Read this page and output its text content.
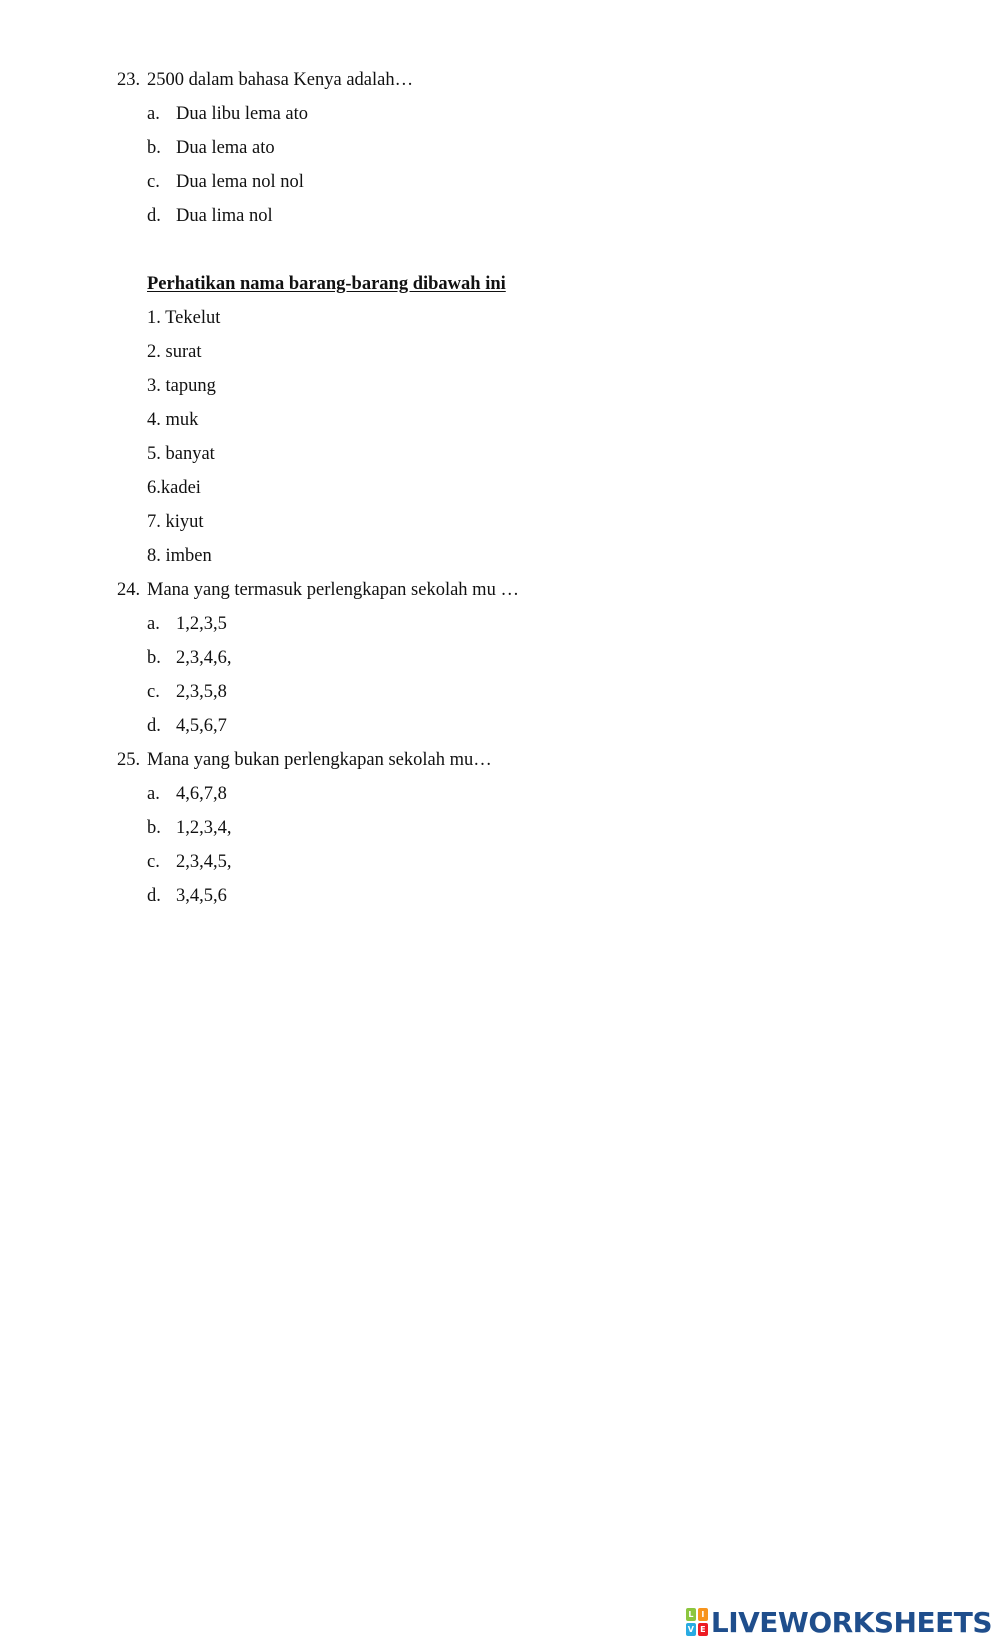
23. 2500 dalam bahasa Kenya adalah…
a. Dua libu lema ato
b. Dua lema ato
c. Dua lema nol nol
d. Dua lima nol
Perhatikan nama barang-barang dibawah ini
1. Tekelut
2. surat
3. tapung
4. muk
5. banyat
6.kadei
7. kiyut
8. imben
24. Mana yang termasuk perlengkapan sekolah mu …
a. 1,2,3,5
b. 2,3,4,6,
c. 2,3,5,8
d. 4,5,6,7
25. Mana yang bukan perlengkapan sekolah mu…
a. 4,6,7,8
b. 1,2,3,4,
c. 2,3,4,5,
d. 3,4,5,6
L I
V E LIVEWORKSHEETS
